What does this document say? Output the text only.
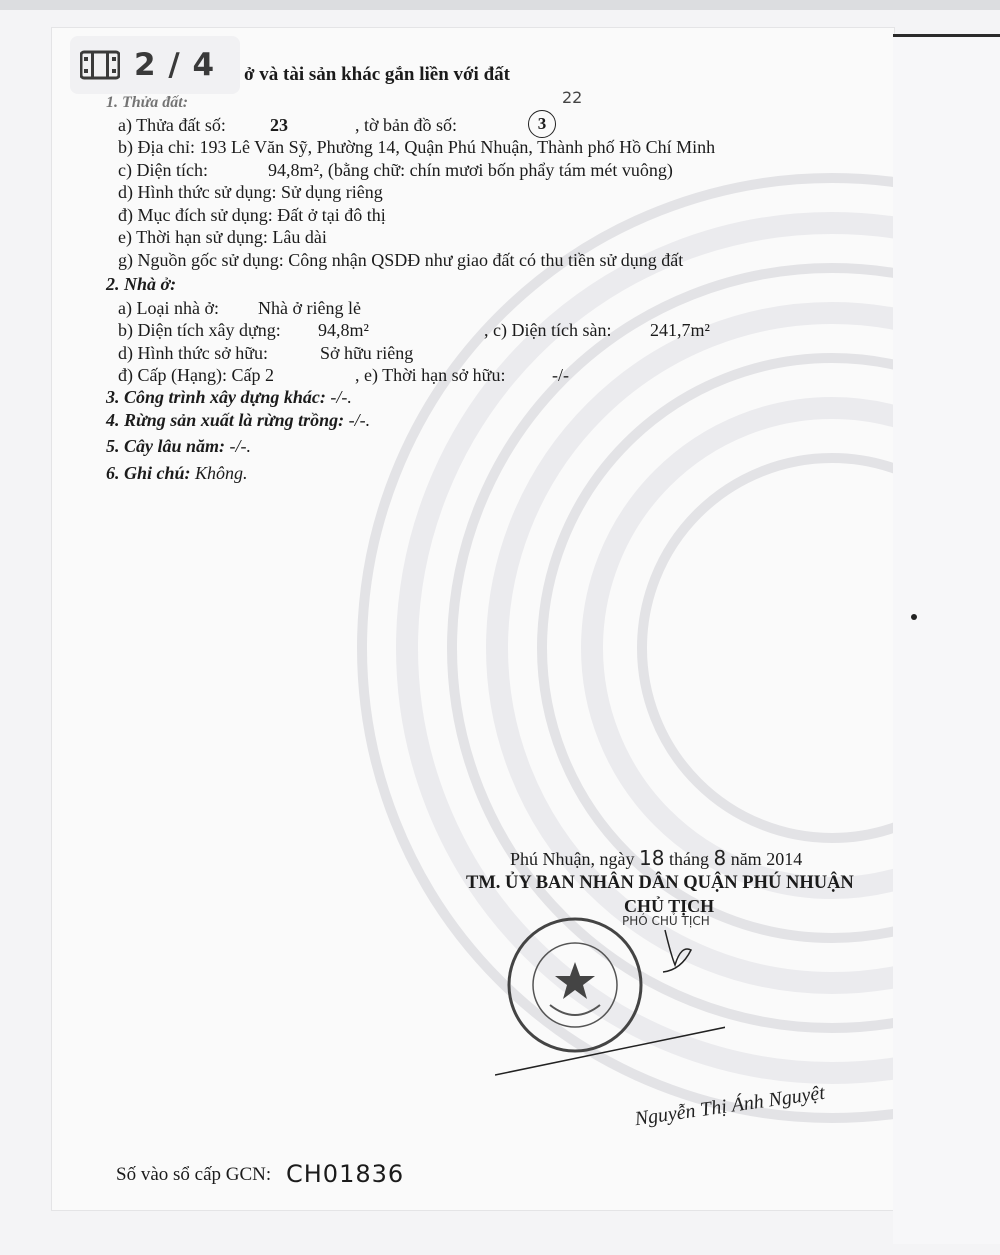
ở và tài sản khác gắn liền với đất
1. Thửa đất:	22
a) Thửa đất số: 23	, tờ bản đồ số:	3
b) Địa chỉ: 193 Lê Văn Sỹ, Phường 14, Quận Phú Nhuận, Thành phố Hồ Chí Minh
c) Diện tích:	94,8m², (bằng chữ: chín mươi bốn phẩy tám mét vuông)
d) Hình thức sử dụng: Sử dụng riêng
đ) Mục đích sử dụng: Đất ở tại đô thị
e) Thời hạn sử dụng: Lâu dài
g) Nguồn gốc sử dụng: Công nhận QSDĐ như giao đất có thu tiền sử dụng đất
2. Nhà ở:
a) Loại nhà ở: Nhà ở riêng lẻ
b) Diện tích xây dựng: 94,8m²	, c) Diện tích sàn: 241,7m²
d) Hình thức sở hữu:	Sở hữu riêng
đ) Cấp (Hạng): Cấp 2	, e) Thời hạn sở hữu:	-/-
3. Công trình xây dựng khác: -/-.
4. Rừng sản xuất là rừng trồng: -/-.
5. Cây lâu năm: -/-.
6. Ghi chú: Không.
Phú Nhuận, ngày 18 tháng 8 năm 2014
TM. ỦY BAN NHÂN DÂN QUẬN PHÚ NHUẬN
CHỦ TỊCH
PHÓ CHỦ TỊCH
Nguyễn Thị Ánh Nguyệt
Số vào sổ cấp GCN: CH01836
2 / 4
